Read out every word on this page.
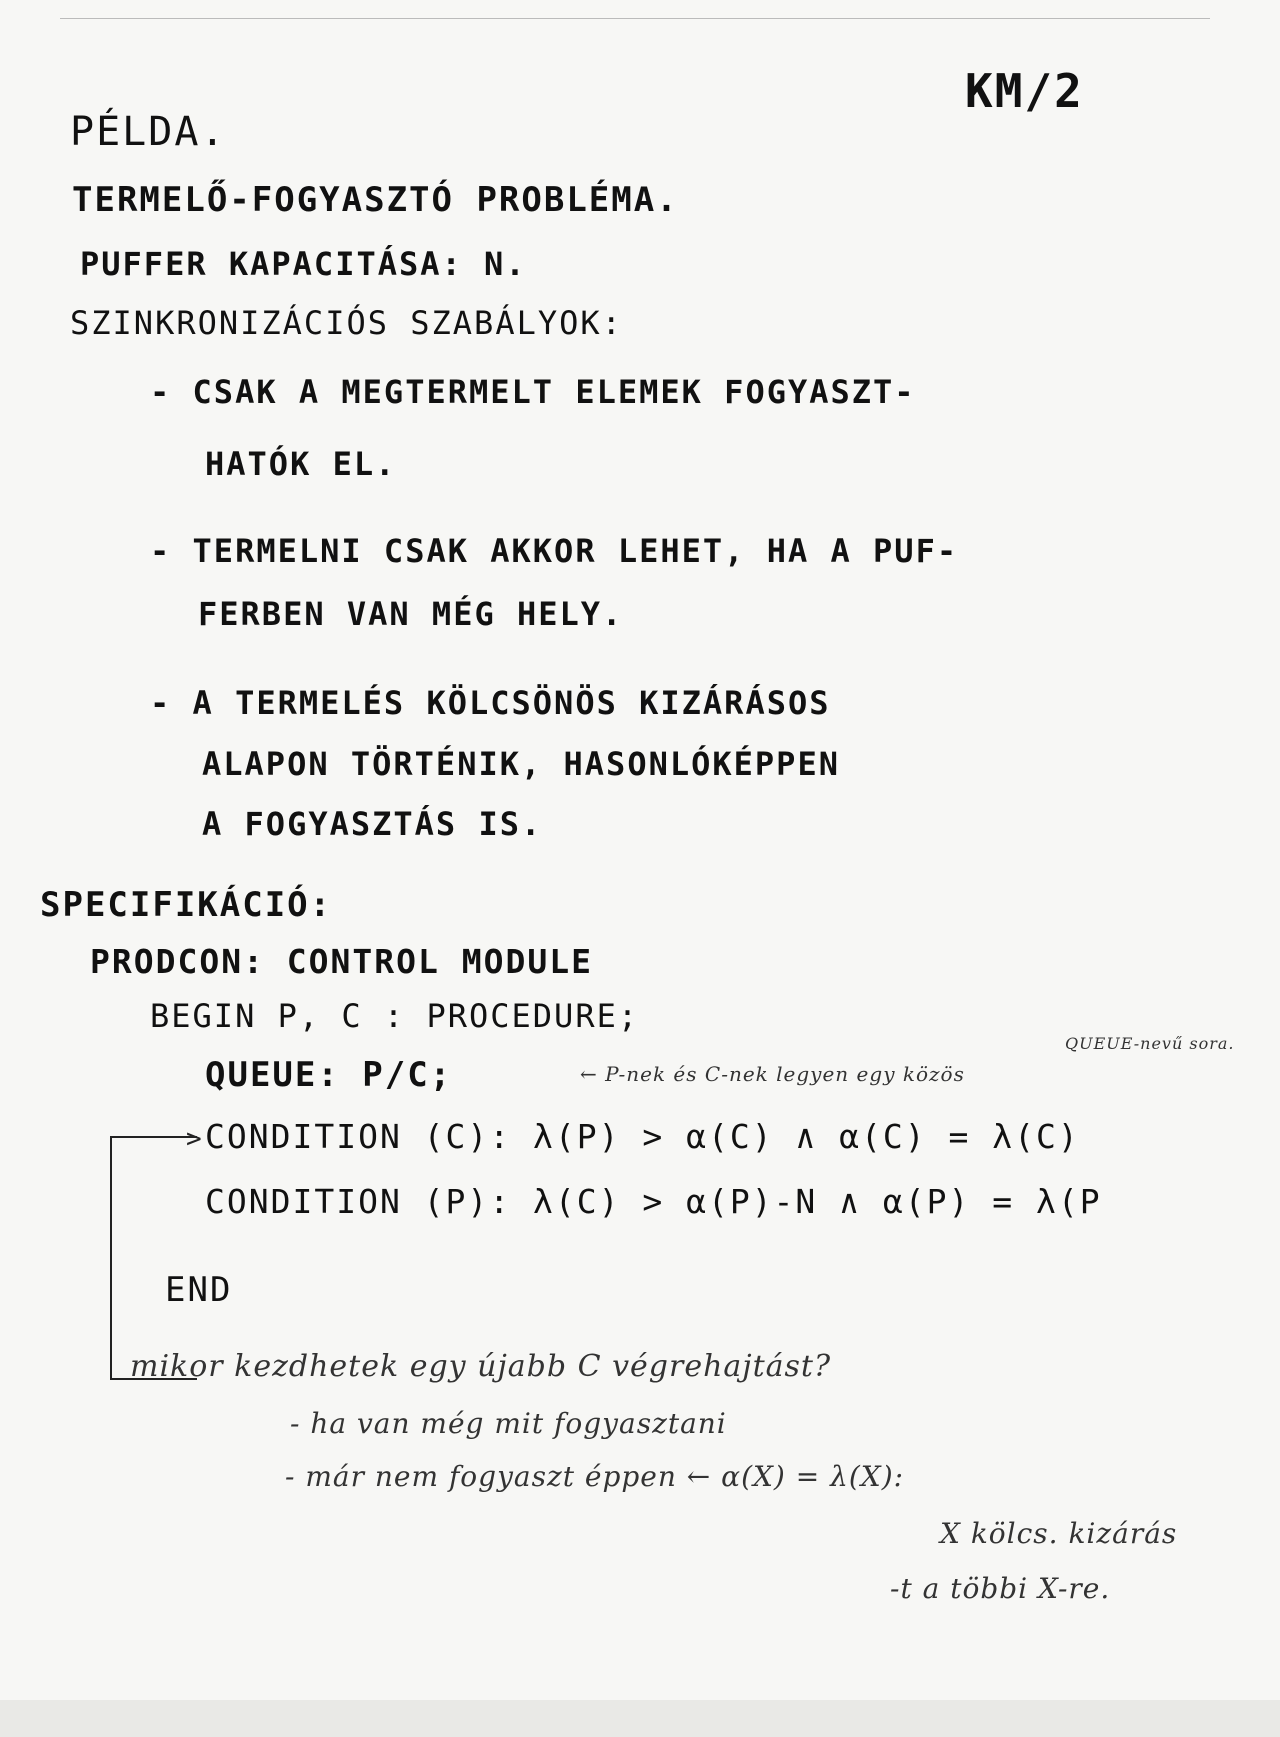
KM/2
PÉLDA.
TERMELŐ-FOGYASZTÓ PROBLÉMA.
PUFFER KAPACITÁSA: N.
SZINKRONIZÁCIÓS SZABÁLYOK:
- CSAK A MEGTERMELT ELEMEK FOGYASZT-
HATÓK EL.
- TERMELNI CSAK AKKOR LEHET, HA A PUF-
FERBEN VAN MÉG HELY.
- A TERMELÉS KÖLCSÖNÖS KIZÁRÁSOS
ALAPON TÖRTÉNIK, HASONLÓKÉPPEN
A FOGYASZTÁS IS.
SPECIFIKÁCIÓ:
PRODCON: CONTROL MODULE
BEGIN P, C : PROCEDURE;
QUEUE: P/C;	← P-nek és C-nek legyen egy közös
QUEUE-nevű sora.
> CONDITION (C): λ(P) > α(C) ∧ α(C) = λ(C)
CONDITION (P): λ(C) > α(P)-N ∧ α(P) = λ(P
END
mikor kezdhetek egy újabb C végrehajtást?
- ha van még mit fogyasztani
- már nem fogyaszt éppen ← α(X) = λ(X):
X kölcs. kizárás
-t a többi X-re.
